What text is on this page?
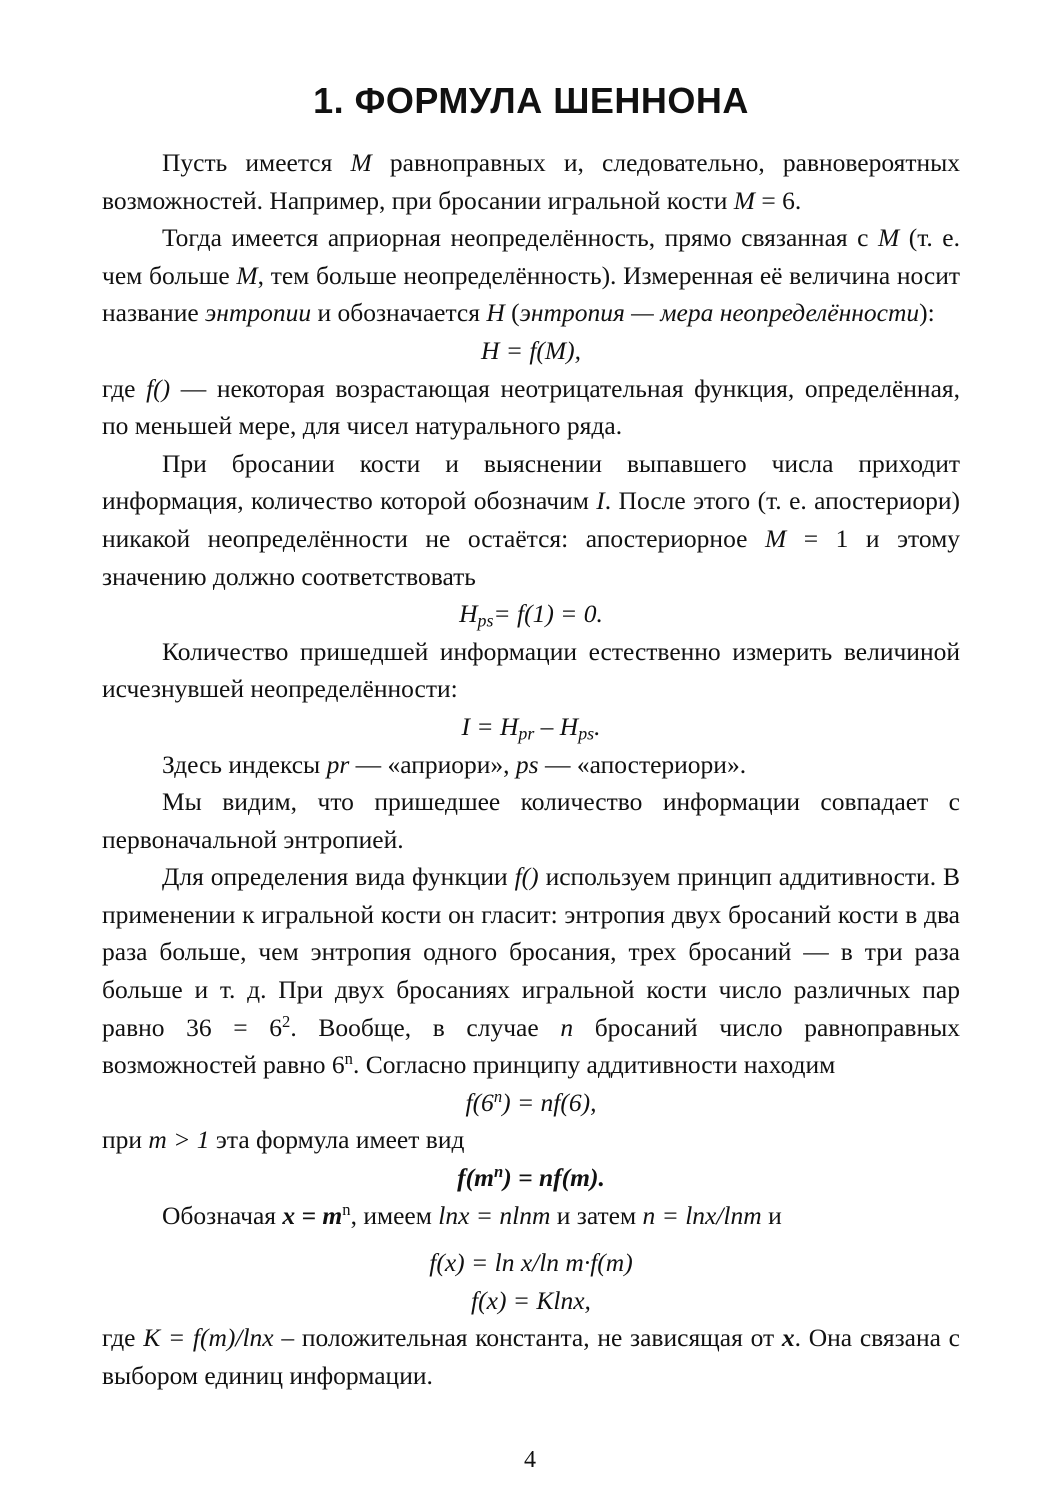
1. ФОРМУЛА ШЕННОНА

Пусть имеется M равноправных и, следовательно, равновероятных возможностей. Например, при бросании игральной кости M = 6.

Тогда имеется априорная неопределённость, прямо связанная с M (т. е. чем больше M, тем больше неопределённость). Измеренная её величина носит название энтропии и обозначается H (энтропия — мера неопределённости):

H = f(M),

где f() — некоторая возрастающая неотрицательная функция, определённая, по меньшей мере, для чисел натурального ряда.

При бросании кости и выяснении выпавшего числа приходит информация, количество которой обозначим I. После этого (т. е. апостериори) никакой неопределённости не остаётся: апостериорное M = 1 и этому значению должно соответствовать

$H_{ps}= f(1) = 0$.

Количество пришедшей информации естественно измерить величиной исчезнувшей неопределённости:

$I = H_{pr} - H_{ps}$.

Здесь индексы pr — «априори», ps — «апостериори».

Мы видим, что пришедшее количество информации совпадает с первоначальной энтропией.

Для определения вида функции f() используем принцип аддитивности. В применении к игральной кости он гласит: энтропия двух бросаний кости в два раза больше, чем энтропия одного бросания, трех бросаний — в три раза больше и т. д. При двух бросаниях игральной кости число различных пар равно $36 = 6^2$. Вообще, в случае n бросаний число равноправных возможностей равно 6$^n$. Согласно принципу аддитивности находим

$f(6^n) = nf(6)$,

при m > 1 эта формула имеет вид

$f(m^n) = nf(m)$.

Обозначая $x = m^n$, имеем lnx = nlnm и затем n = lnx/lnm и

f(x) = ln x/ln m·f(m)
f(x) = Klnx,

где K = f(m)/lnx – положительная константа, не зависящая от x. Она связана с выбором единиц информации.

4
